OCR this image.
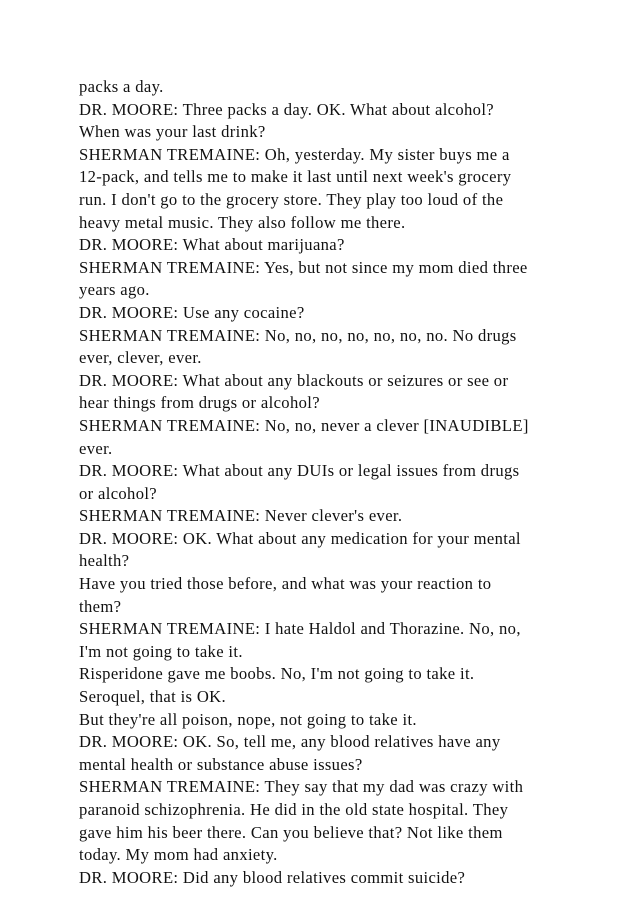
packs a day.
DR. MOORE: Three packs a day. OK. What about alcohol?
When was your last drink?
SHERMAN TREMAINE: Oh, yesterday. My sister buys me a
12-pack, and tells me to make it last until next week's grocery
run. I don't go to the grocery store. They play too loud of the
heavy metal music. They also follow me there.
DR. MOORE: What about marijuana?
SHERMAN TREMAINE: Yes, but not since my mom died three
years ago.
DR. MOORE: Use any cocaine?
SHERMAN TREMAINE: No, no, no, no, no, no, no. No drugs
ever, clever, ever.
DR. MOORE: What about any blackouts or seizures or see or
hear things from drugs or alcohol?
SHERMAN TREMAINE: No, no, never a clever [INAUDIBLE]
ever.
DR. MOORE: What about any DUIs or legal issues from drugs
or alcohol?
SHERMAN TREMAINE: Never clever's ever.
DR. MOORE: OK. What about any medication for your mental
health?
Have you tried those before, and what was your reaction to
them?
SHERMAN TREMAINE: I hate Haldol and Thorazine. No, no,
I'm not going to take it.
Risperidone gave me boobs. No, I'm not going to take it.
Seroquel, that is OK.
But they're all poison, nope, not going to take it.
DR. MOORE: OK. So, tell me, any blood relatives have any
mental health or substance abuse issues?
SHERMAN TREMAINE: They say that my dad was crazy with
paranoid schizophrenia. He did in the old state hospital. They
gave him his beer there. Can you believe that? Not like them
today. My mom had anxiety.
DR. MOORE: Did any blood relatives commit suicide?
